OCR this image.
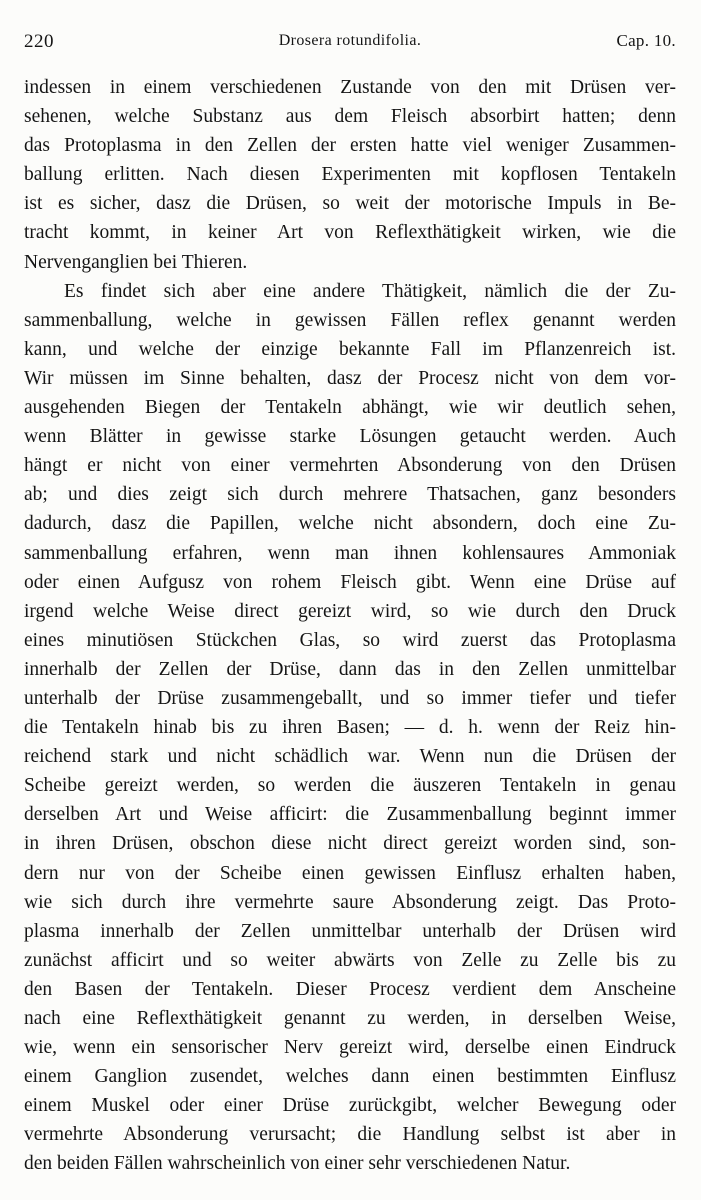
220	Drosera rotundifolia.	Cap. 10.
indessen in einem verschiedenen Zustande von den mit Drüsen ver-
sehenen, welche Substanz aus dem Fleisch absorbirt hatten; denn
das Protoplasma in den Zellen der ersten hatte viel weniger Zusammen-
ballung erlitten. Nach diesen Experimenten mit kopflosen Tentakeln
ist es sicher, dasz die Drüsen, so weit der motorische Impuls in Be-
tracht kommt, in keiner Art von Reflexthätigkeit wirken, wie die
Nervenganglien bei Thieren.
Es findet sich aber eine andere Thätigkeit, nämlich die der Zu-
sammenballung, welche in gewissen Fällen reflex genannt werden
kann, und welche der einzige bekannte Fall im Pflanzenreich ist.
Wir müssen im Sinne behalten, dasz der Procesz nicht von dem vor-
ausgehenden Biegen der Tentakeln abhängt, wie wir deutlich sehen,
wenn Blätter in gewisse starke Lösungen getaucht werden. Auch
hängt er nicht von einer vermehrten Absonderung von den Drüsen
ab; und dies zeigt sich durch mehrere Thatsachen, ganz besonders
dadurch, dasz die Papillen, welche nicht absondern, doch eine Zu-
sammenballung erfahren, wenn man ihnen kohlensaures Ammoniak
oder einen Aufgusz von rohem Fleisch gibt. Wenn eine Drüse auf
irgend welche Weise direct gereizt wird, so wie durch den Druck
eines minutiösen Stückchen Glas, so wird zuerst das Protoplasma
innerhalb der Zellen der Drüse, dann das in den Zellen unmittelbar
unterhalb der Drüse zusammengeballt, und so immer tiefer und tiefer
die Tentakeln hinab bis zu ihren Basen; — d. h. wenn der Reiz hin-
reichend stark und nicht schädlich war. Wenn nun die Drüsen der
Scheibe gereizt werden, so werden die äuszeren Tentakeln in genau
derselben Art und Weise afficirt: die Zusammenballung beginnt immer
in ihren Drüsen, obschon diese nicht direct gereizt worden sind, son-
dern nur von der Scheibe einen gewissen Einflusz erhalten haben,
wie sich durch ihre vermehrte saure Absonderung zeigt. Das Proto-
plasma innerhalb der Zellen unmittelbar unterhalb der Drüsen wird
zunächst afficirt und so weiter abwärts von Zelle zu Zelle bis zu
den Basen der Tentakeln. Dieser Procesz verdient dem Anscheine
nach eine Reflexthätigkeit genannt zu werden, in derselben Weise,
wie, wenn ein sensorischer Nerv gereizt wird, derselbe einen Eindruck
einem Ganglion zusendet, welches dann einen bestimmten Einflusz
einem Muskel oder einer Drüse zurückgibt, welcher Bewegung oder
vermehrte Absonderung verursacht; die Handlung selbst ist aber in
den beiden Fällen wahrscheinlich von einer sehr verschiedenen Natur.
